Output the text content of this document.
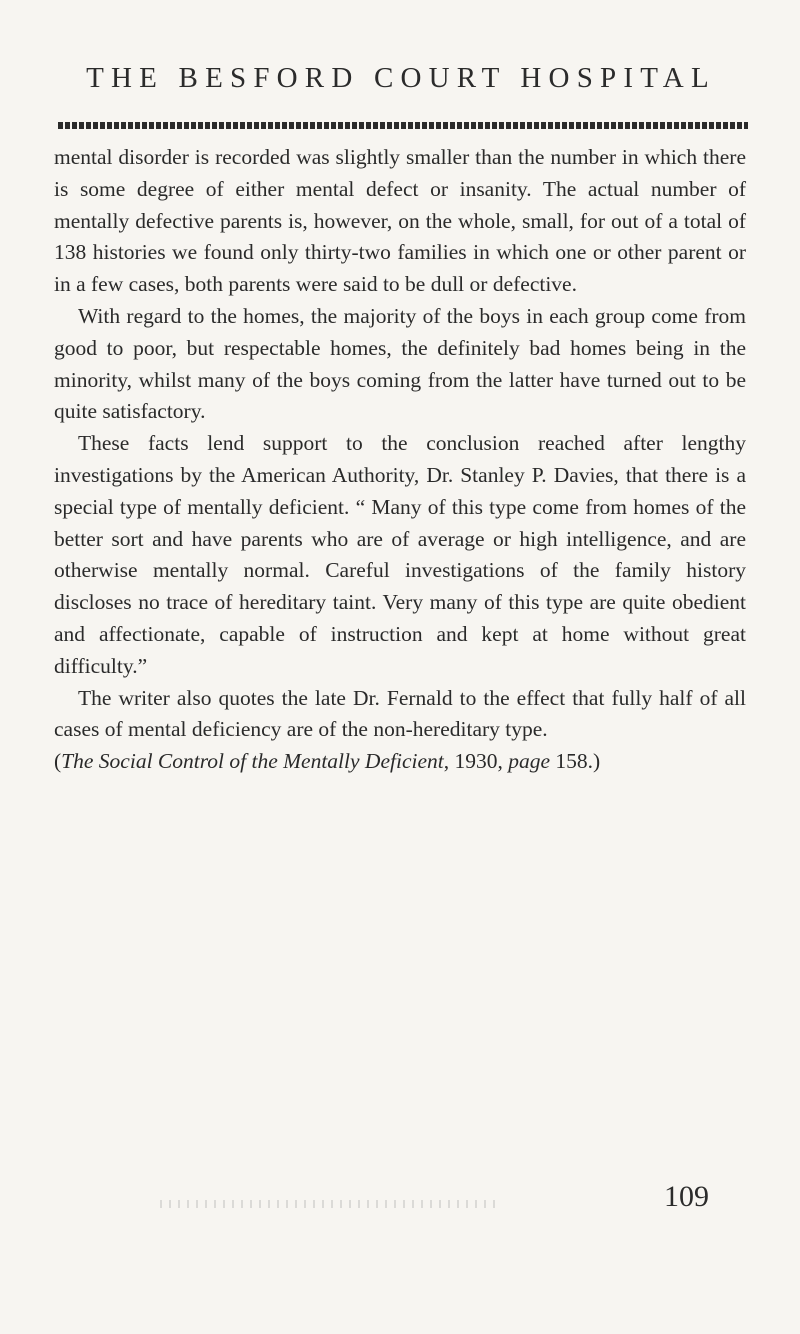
THE BESFORD COURT HOSPITAL

mental disorder is recorded was slightly smaller than the number in which there is some degree of either mental defect or insanity. The actual number of mentally defective parents is, however, on the whole, small, for out of a total of 138 histories we found only thirty-two families in which one or other parent or in a few cases, both parents were said to be dull or defective.

With regard to the homes, the majority of the boys in each group come from good to poor, but respectable homes, the definitely bad homes being in the minority, whilst many of the boys coming from the latter have turned out to be quite satisfactory.

These facts lend support to the conclusion reached after lengthy investigations by the American Authority, Dr. Stanley P. Davies, that there is a special type of mentally deficient. “ Many of this type come from homes of the better sort and have parents who are of average or high intelligence, and are otherwise mentally normal. Careful investigations of the family history discloses no trace of hereditary taint. Very many of this type are quite obedient and affectionate, capable of instruction and kept at home without great difficulty.”

The writer also quotes the late Dr. Fernald to the effect that fully half of all cases of mental deficiency are of the non-hereditary type.

(The Social Control of the Mentally Deficient, 1930, page 158.)

109
